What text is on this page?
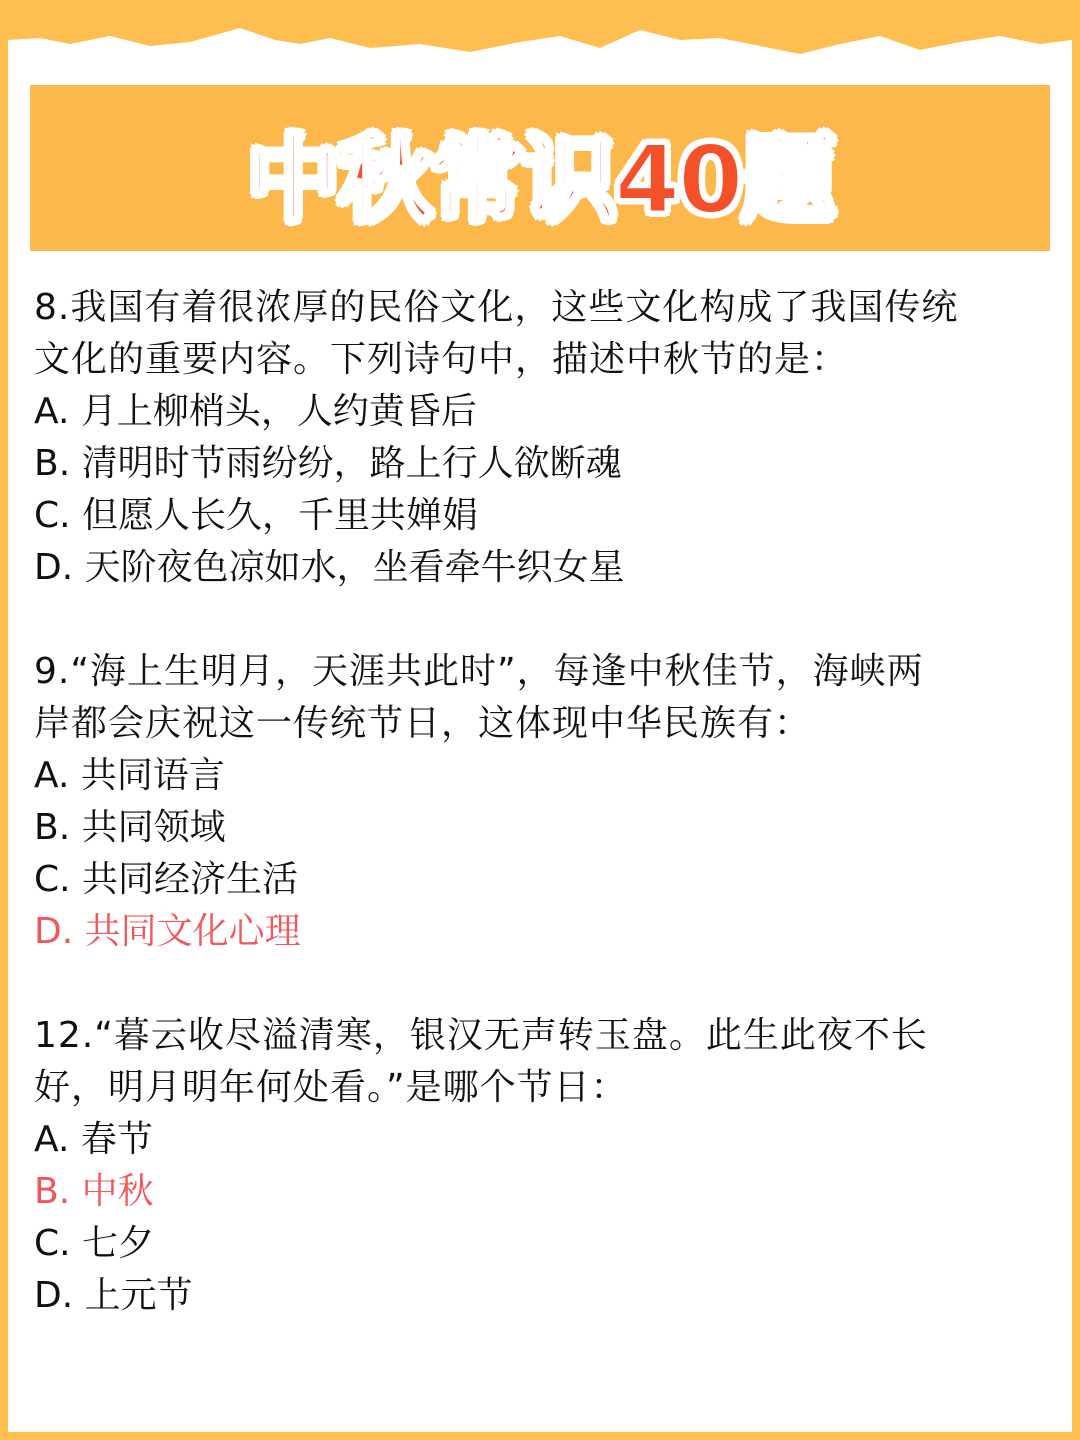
中秋常识40题
8.我国有着很浓厚的民俗文化，这些文化构成了我国传统
文化的重要内容。下列诗句中，描述中秋节的是：
A. 月上柳梢头，人约黄昏后
B. 清明时节雨纷纷，路上行人欲断魂
C. 但愿人长久，千里共婵娟
D. 天阶夜色凉如水，坐看牵牛织女星
9.“海上生明月，天涯共此时”，每逢中秋佳节，海峡两
岸都会庆祝这一传统节日，这体现中华民族有：
A. 共同语言
B. 共同领域
C. 共同经济生活
D. 共同文化心理
12.“暮云收尽溢清寒，银汉无声转玉盘。此生此夜不长
好，明月明年何处看。”是哪个节日：
A. 春节
B. 中秋
C. 七夕
D. 上元节
